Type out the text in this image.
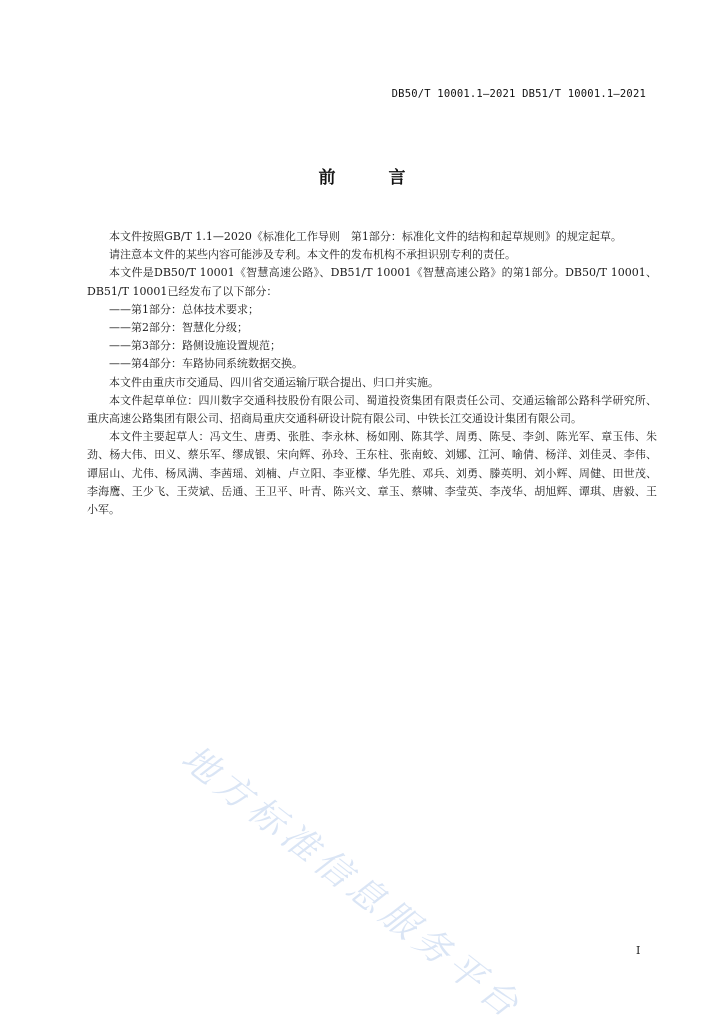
DB50/T 10001.1—2021 DB51/T 10001.1—2021
前　言

本文件按照GB/T 1.1—2020《标准化工作导则　第1部分：标准化文件的结构和起草规则》的规定起草。

请注意本文件的某些内容可能涉及专利。本文件的发布机构不承担识别专利的责任。

本文件是DB50/T 10001《智慧高速公路》、DB51/T 10001《智慧高速公路》的第1部分。DB50/T 10001、DB51/T 10001已经发布了以下部分：

——第1部分：总体技术要求；

——第2部分：智慧化分级；

——第3部分：路侧设施设置规范；

——第4部分：车路协同系统数据交换。

本文件由重庆市交通局、四川省交通运输厅联合提出、归口并实施。

本文件起草单位：四川数字交通科技股份有限公司、蜀道投资集团有限责任公司、交通运输部公路科学研究所、重庆高速公路集团有限公司、招商局重庆交通科研设计院有限公司、中铁长江交通设计集团有限公司。

本文件主要起草人：冯文生、唐勇、张胜、李永林、杨如刚、陈其学、周勇、陈旻、李剑、陈光军、章玉伟、朱劲、杨大伟、田义、蔡乐军、缪成银、宋向辉、孙玲、王东柱、张南蛟、刘娜、江河、喻倩、杨洋、刘佳灵、李伟、谭屈山、尤伟、杨凤满、李茜瑶、刘楠、卢立阳、李亚檬、华先胜、邓兵、刘勇、滕英明、刘小辉、周健、田世茂、李海鹰、王少飞、王荧斌、岳通、王卫平、叶青、陈兴文、章玉、蔡啸、李莹英、李茂华、胡旭辉、谭琪、唐毅、王小军。

地方标准信息服务平台	I
